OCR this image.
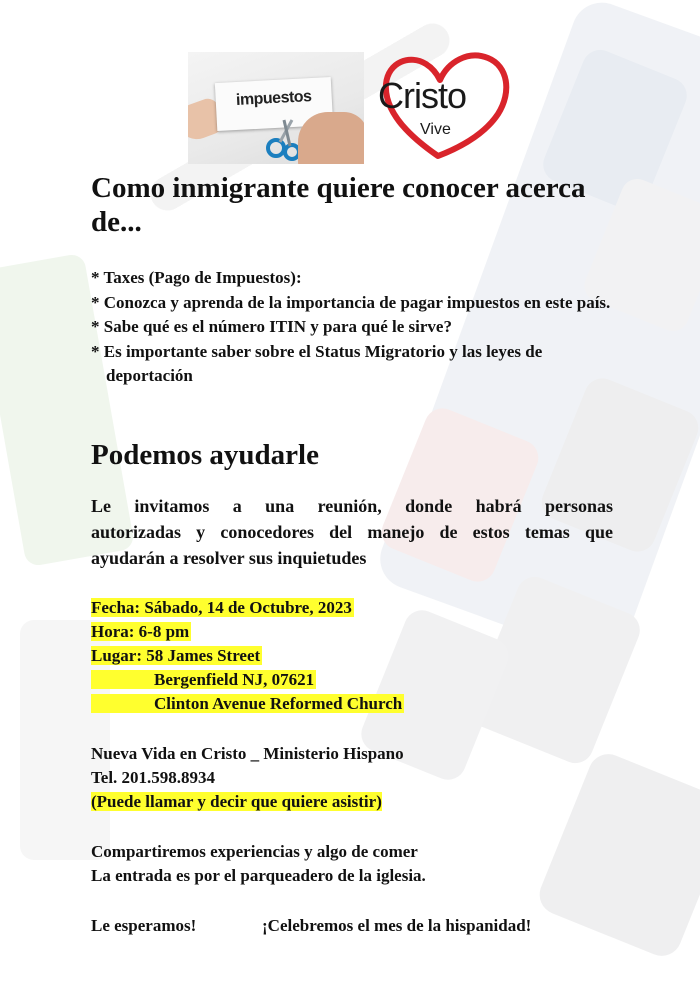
impuestos Cristo
Vive
Como inmigrante quiere conocer acerca de...
* Taxes (Pago de Impuestos):
* Conozca y aprenda de la importancia de pagar impuestos en este país.
* Sabe qué es el número ITIN y para qué le sirve?
* Es importante saber sobre el Status Migratorio y las leyes de deportación
Podemos ayudarle

Le invitamos a una reunión, donde habrá personas
autorizadas y conocedores del manejo de estos temas que
ayudarán a resolver sus inquietudes

Fecha: Sábado, 14 de Octubre, 2023
Hora: 6-8 pm
Lugar: 58 James Street
Bergenfield NJ, 07621
Clinton Avenue Reformed Church
Nueva Vida en Cristo _ Ministerio Hispano
Tel. 201.598.8934
(Puede llamar y decir que quiere asistir)
Compartiremos experiencias y algo de comer
La entrada es por el parqueadero de la iglesia.
Le esperamos!	¡Celebremos el mes de la hispanidad!
